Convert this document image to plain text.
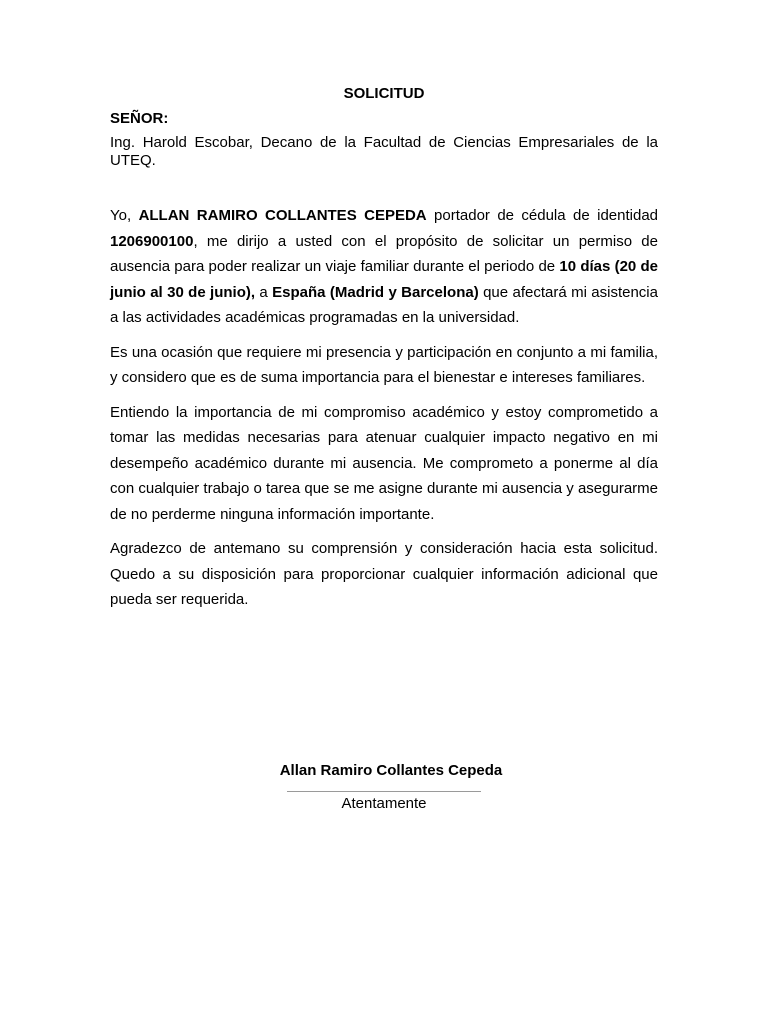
SOLICITUD
SEÑOR:
Ing. Harold Escobar, Decano de la Facultad de Ciencias Empresariales de la UTEQ.

Yo, ALLAN RAMIRO COLLANTES CEPEDA portador de cédula de identidad 1206900100, me dirijo a usted con el propósito de solicitar un permiso de ausencia para poder realizar un viaje familiar durante el periodo de 10 días (20 de junio al 30 de junio), a España (Madrid y Barcelona) que afectará mi asistencia a las actividades académicas programadas en la universidad.

Es una ocasión que requiere mi presencia y participación en conjunto a mi familia, y considero que es de suma importancia para el bienestar e intereses familiares.

Entiendo la importancia de mi compromiso académico y estoy comprometido a tomar las medidas necesarias para atenuar cualquier impacto negativo en mi desempeño académico durante mi ausencia. Me comprometo a ponerme al día con cualquier trabajo o tarea que se me asigne durante mi ausencia y asegurarme de no perderme ninguna información importante.

Agradezco de antemano su comprensión y consideración hacia esta solicitud. Quedo a su disposición para proporcionar cualquier información adicional que pueda ser requerida.

Allan Ramiro Collantes Cepeda
Atentamente
